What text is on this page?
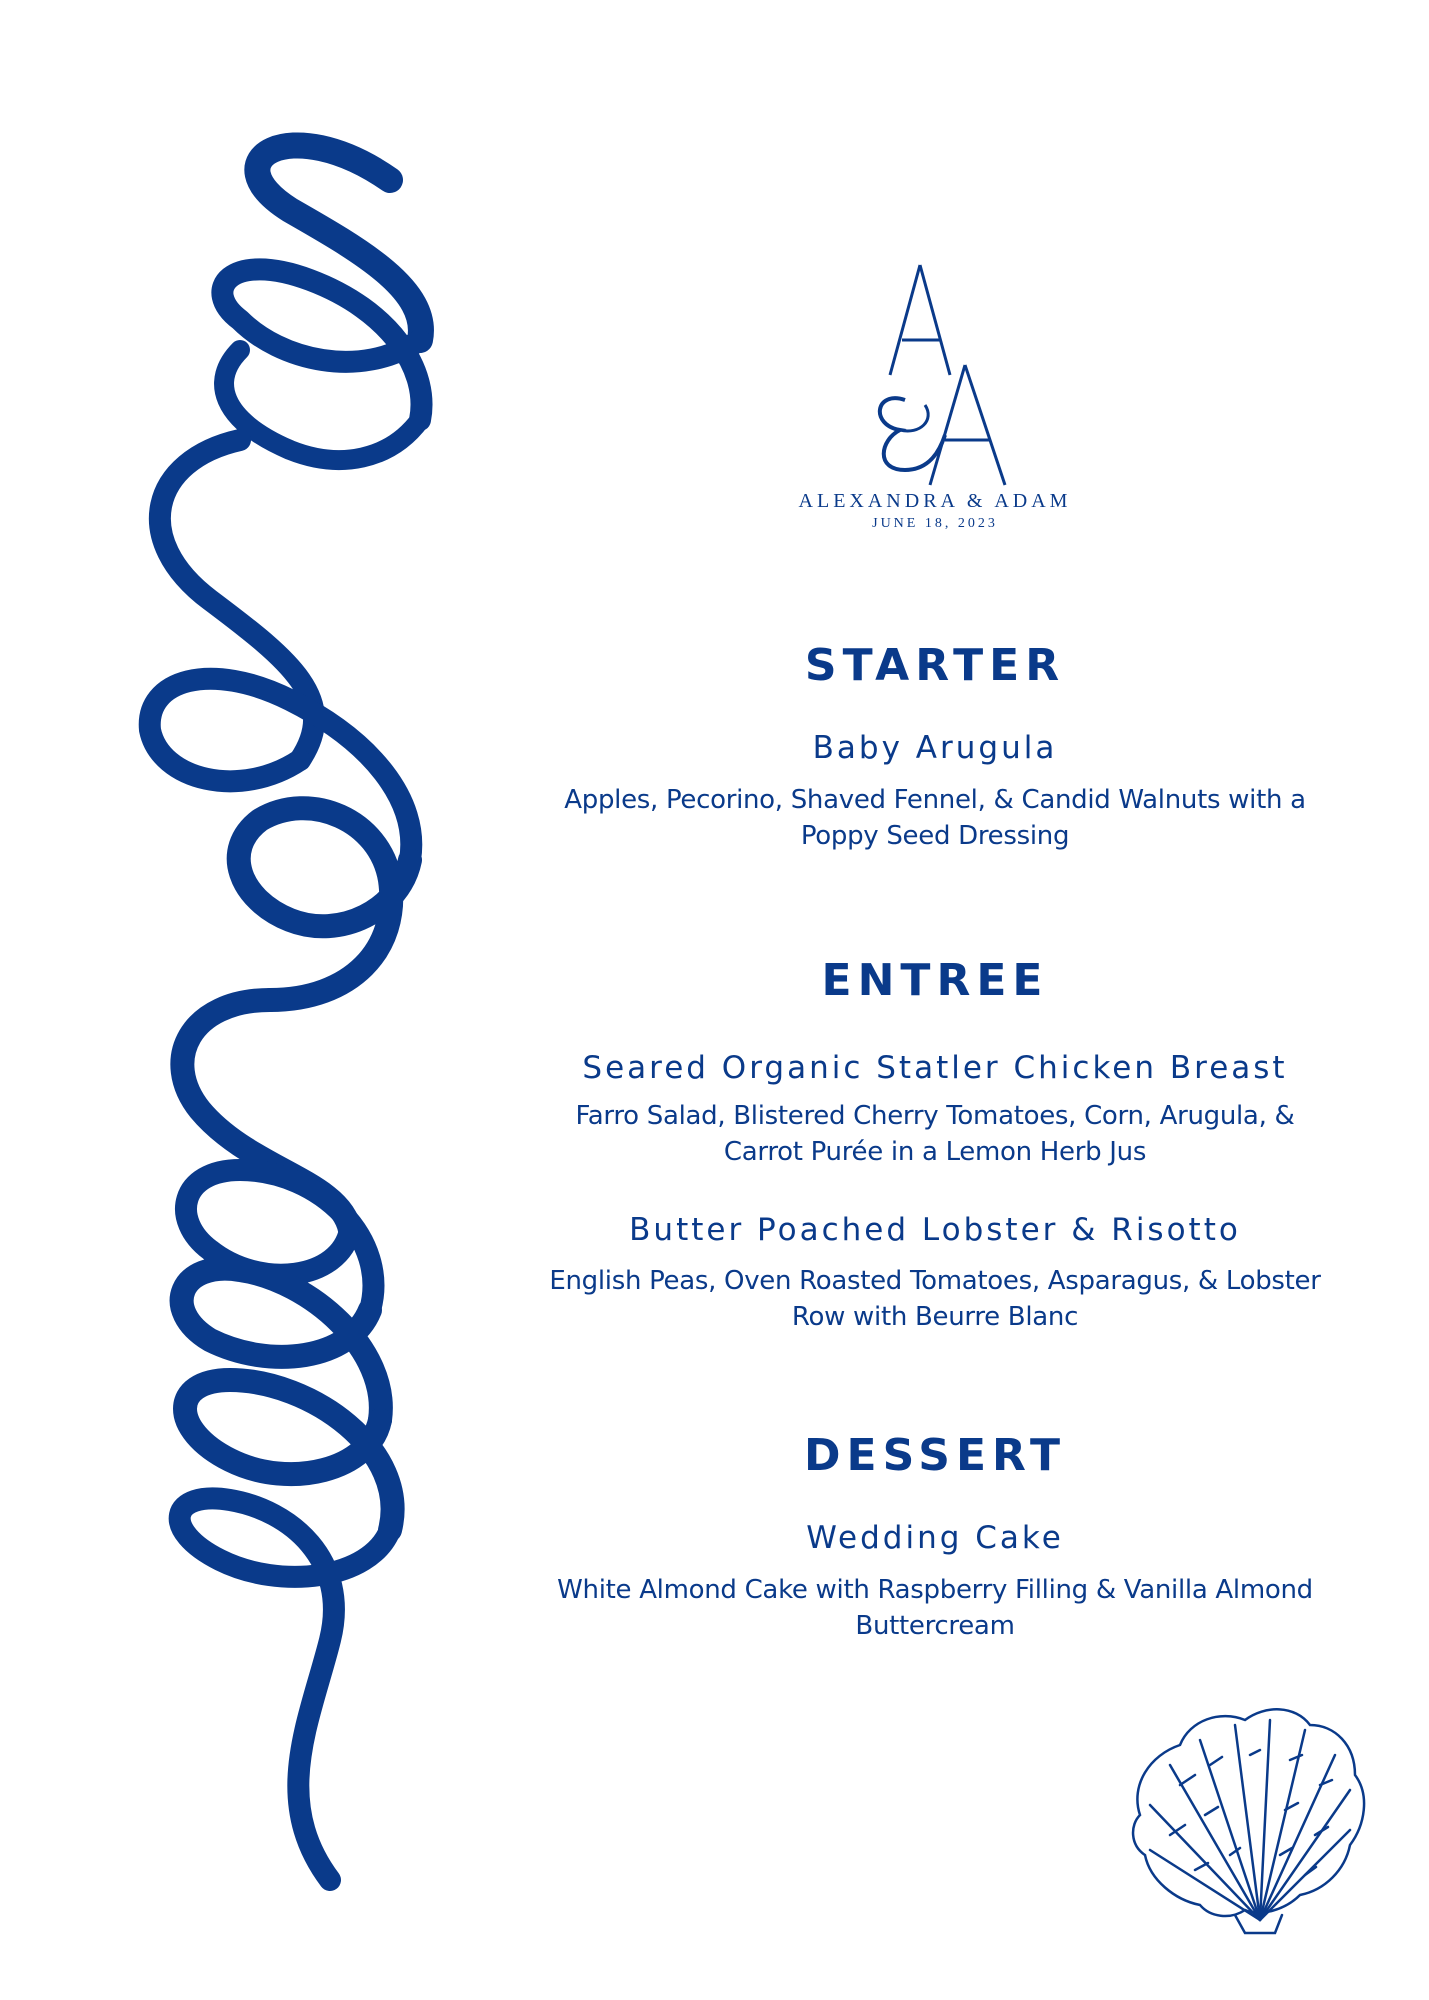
ALEXANDRA & ADAM
JUNE 18, 2023
STARTER
Baby Arugula
Apples, Pecorino, Shaved Fennel, & Candid Walnuts with a Poppy Seed Dressing
ENTREE
Seared Organic Statler Chicken Breast
Farro Salad, Blistered Cherry Tomatoes, Corn, Arugula, & Carrot Purée in a Lemon Herb Jus
Butter Poached Lobster & Risotto
English Peas, Oven Roasted Tomatoes, Asparagus, & Lobster Row with Beurre Blanc
DESSERT
Wedding Cake
White Almond Cake with Raspberry Filling & Vanilla Almond Buttercream
